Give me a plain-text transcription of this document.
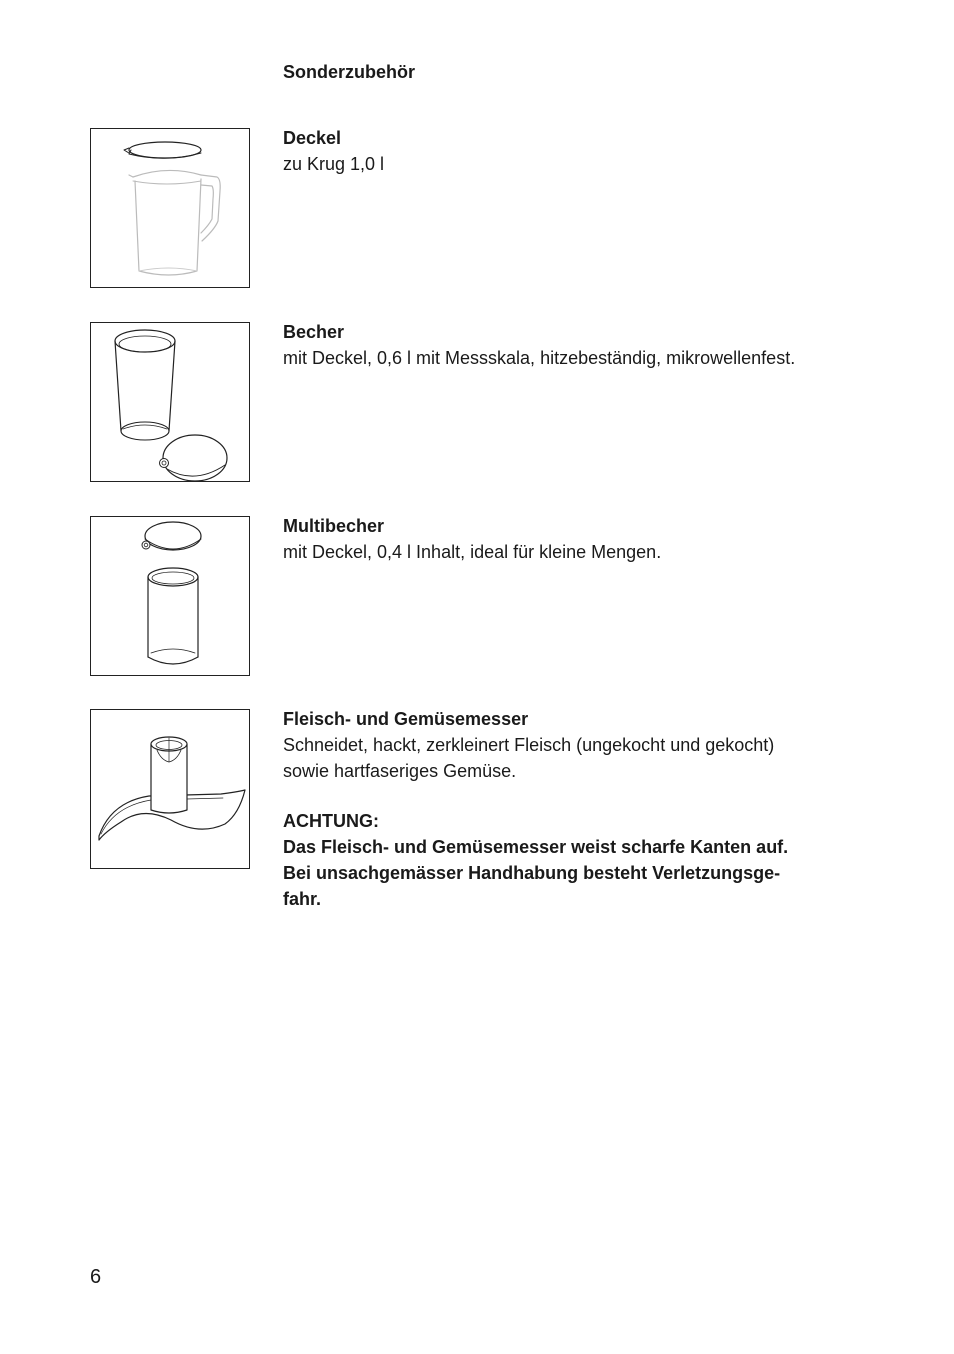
Sonderzubehör

Deckel

zu Krug 1,0 l

Becher

mit Deckel, 0,6 l mit Messskala, hitzebeständig, mikrowellenfest.

Multibecher

mit Deckel, 0,4 l Inhalt, ideal für kleine Mengen.

Fleisch- und Gemüsemesser

Schneidet, hackt, zerkleinert Fleisch (ungekocht und gekocht)

sowie hartfaseriges Gemüse.

ACHTUNG:

Das Fleisch- und Gemüsemesser weist scharfe Kanten auf.

Bei unsachgemässer Handhabung besteht Verletzungsge-

fahr.

6
